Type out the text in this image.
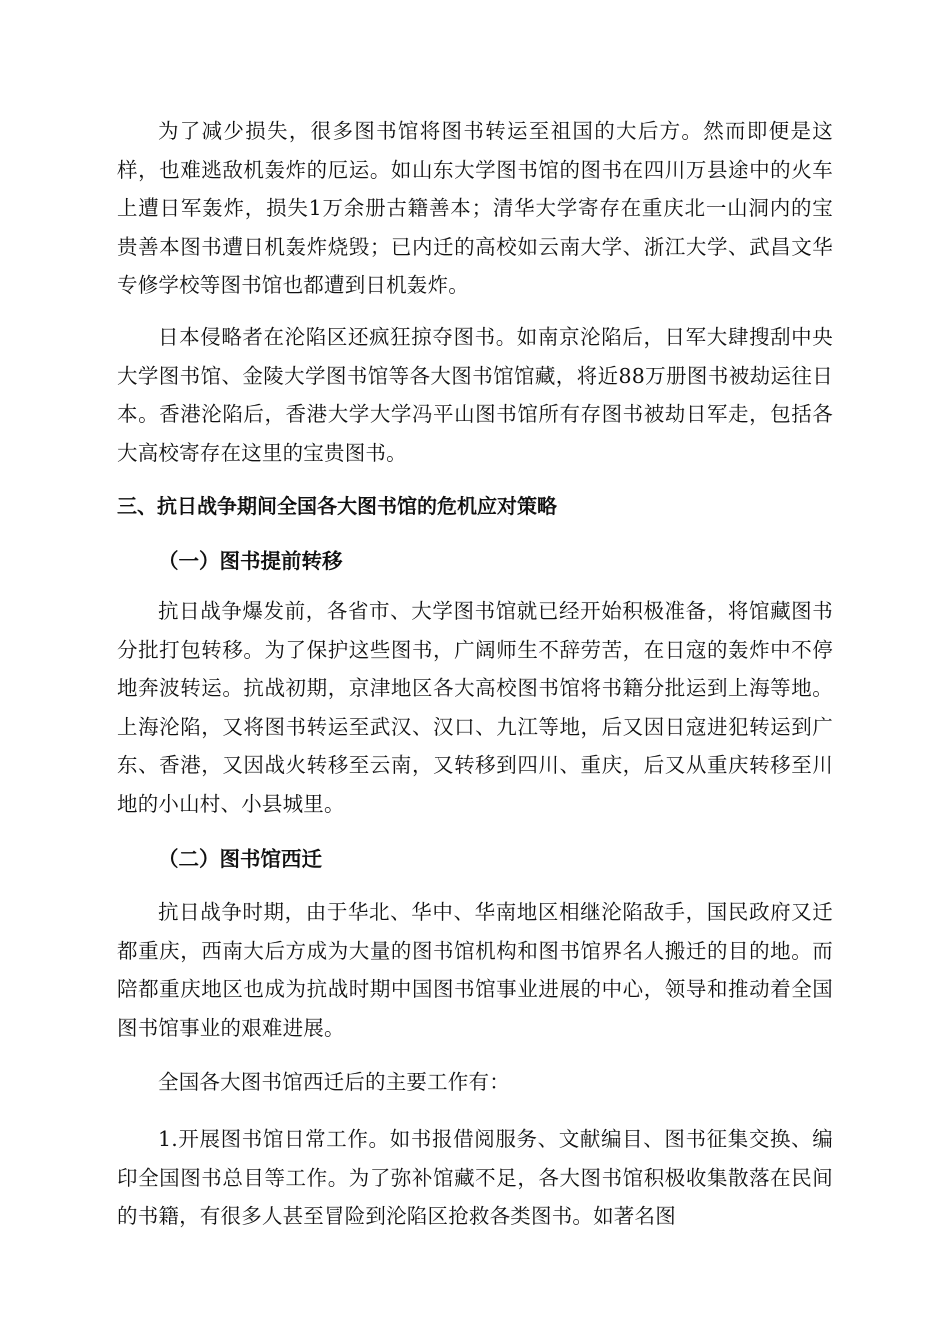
为了减少损失，很多图书馆将图书转运至祖国的大后方。然而即便是这样，也难逃敌机轰炸的厄运。如山东大学图书馆的图书在四川万县途中的火车上遭日军轰炸，损失1万余册古籍善本；清华大学寄存在重庆北一山洞内的宝贵善本图书遭日机轰炸烧毁；已内迁的高校如云南大学、浙江大学、武昌文华专修学校等图书馆也都遭到日机轰炸。

日本侵略者在沦陷区还疯狂掠夺图书。如南京沦陷后，日军大肆搜刮中央大学图书馆、金陵大学图书馆等各大图书馆馆藏，将近88万册图书被劫运往日本。香港沦陷后，香港大学大学冯平山图书馆所有存图书被劫日军走，包括各大高校寄存在这里的宝贵图书。

三、抗日战争期间全国各大图书馆的危机应对策略
（一）图书提前转移

抗日战争爆发前，各省市、大学图书馆就已经开始积极准备，将馆藏图书分批打包转移。为了保护这些图书，广阔师生不辞劳苦，在日寇的轰炸中不停地奔波转运。抗战初期，京津地区各大高校图书馆将书籍分批运到上海等地。上海沦陷，又将图书转运至武汉、汉口、九江等地，后又因日寇进犯转运到广东、香港，又因战火转移至云南，又转移到四川、重庆，后又从重庆转移至川地的小山村、小县城里。

（二）图书馆西迁

抗日战争时期，由于华北、华中、华南地区相继沦陷敌手，国民政府又迁都重庆，西南大后方成为大量的图书馆机构和图书馆界名人搬迁的目的地。而陪都重庆地区也成为抗战时期中国图书馆事业进展的中心，领导和推动着全国图书馆事业的艰难进展。

全国各大图书馆西迁后的主要工作有：

1.开展图书馆日常工作。如书报借阅服务、文献编目、图书征集交换、编印全国图书总目等工作。为了弥补馆藏不足，各大图书馆积极收集散落在民间的书籍，有很多人甚至冒险到沦陷区抢救各类图书。如著名图
